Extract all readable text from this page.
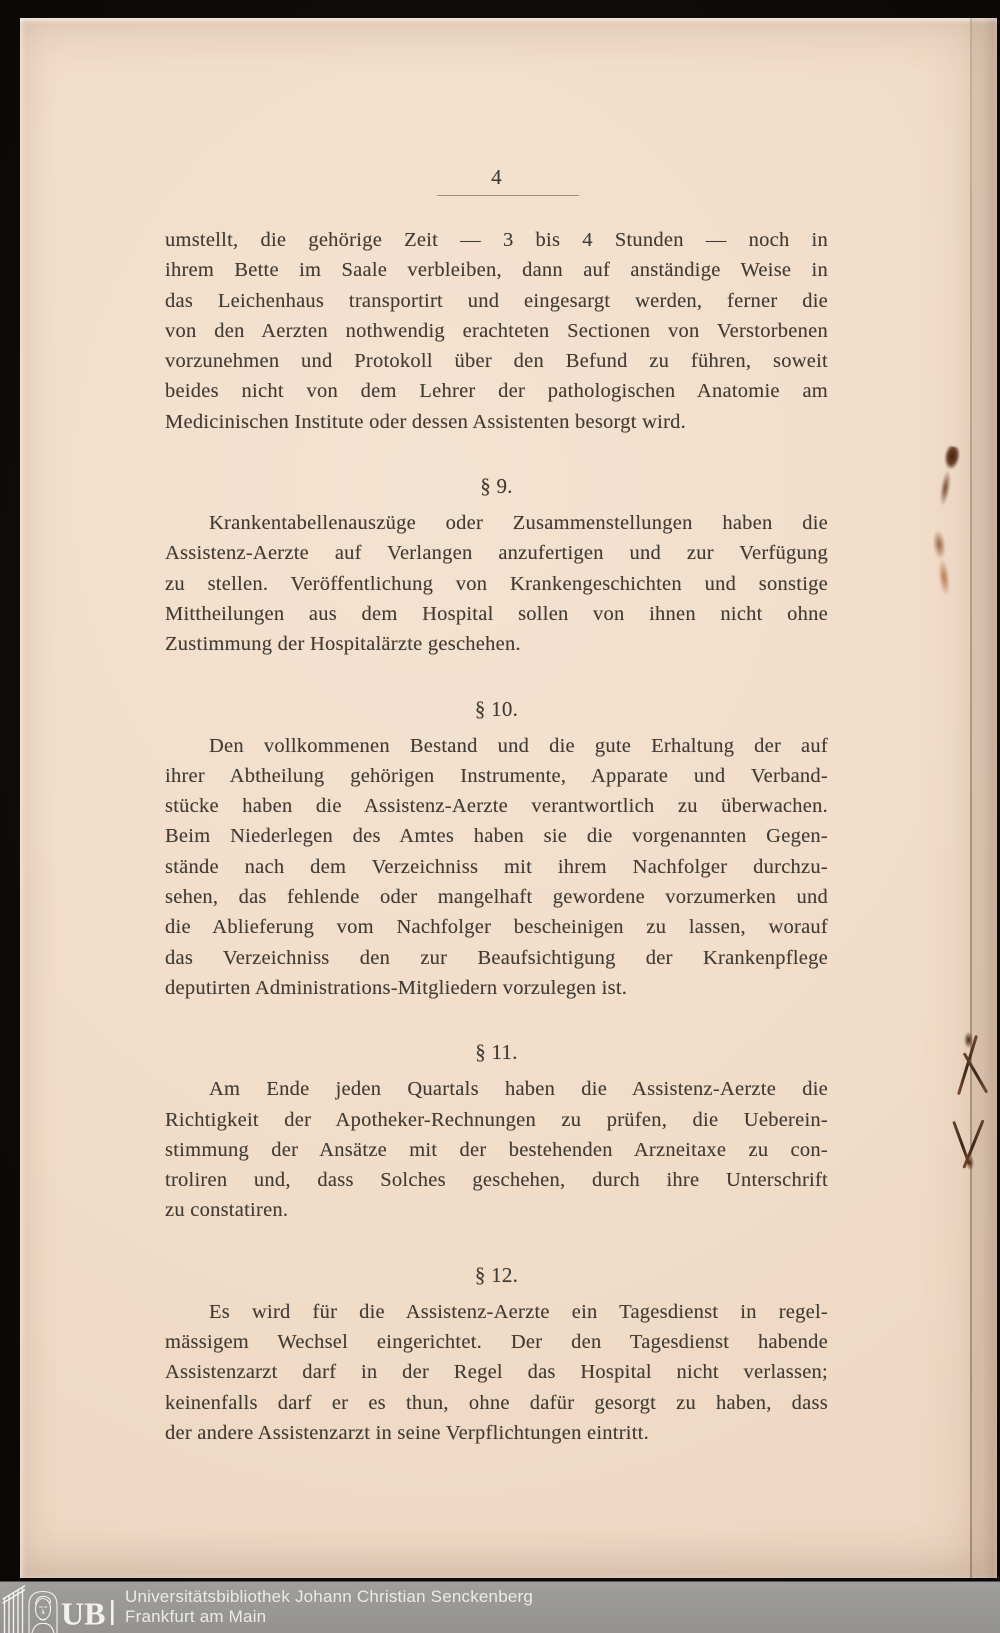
4
umstellt, die gehörige Zeit — 3 bis 4 Stunden — noch in
ihrem Bette im Saale verbleiben, dann auf anständige Weise in
das Leichenhaus transportirt und eingesargt werden, ferner die
von den Aerzten nothwendig erachteten Sectionen von Verstorbenen
vorzunehmen und Protokoll über den Befund zu führen, soweit
beides nicht von dem Lehrer der pathologischen Anatomie am
Medicinischen Institute oder dessen Assistenten besorgt wird.
§ 9.
Krankentabellenauszüge oder Zusammenstellungen haben die
Assistenz-Aerzte auf Verlangen anzufertigen und zur Verfügung
zu stellen. Veröffentlichung von Krankengeschichten und sonstige
Mittheilungen aus dem Hospital sollen von ihnen nicht ohne
Zustimmung der Hospitalärzte geschehen.
§ 10.
Den vollkommenen Bestand und die gute Erhaltung der auf
ihrer Abtheilung gehörigen Instrumente, Apparate und Verband-
stücke haben die Assistenz-Aerzte verantwortlich zu überwachen.
Beim Niederlegen des Amtes haben sie die vorgenannten Gegen-
stände nach dem Verzeichniss mit ihrem Nachfolger durchzu-
sehen, das fehlende oder mangelhaft gewordene vorzumerken und
die Ablieferung vom Nachfolger bescheinigen zu lassen, worauf
das Verzeichniss den zur Beaufsichtigung der Krankenpflege
deputirten Administrations-Mitgliedern vorzulegen ist.
§ 11.
Am Ende jeden Quartals haben die Assistenz-Aerzte die
Richtigkeit der Apotheker-Rechnungen zu prüfen, die Ueberein-
stimmung der Ansätze mit der bestehenden Arzneitaxe zu con-
troliren und, dass Solches geschehen, durch ihre Unterschrift
zu constatiren.
§ 12.
Es wird für die Assistenz-Aerzte ein Tagesdienst in regel-
mässigem Wechsel eingerichtet. Der den Tagesdienst habende
Assistenzarzt darf in der Regel das Hospital nicht verlassen;
keinenfalls darf er es thun, ohne dafür gesorgt zu haben, dass
der andere Assistenzarzt in seine Verpflichtungen eintritt.
UB Universitätsbibliothek Johann Christian Senckenberg
Frankfurt am Main
